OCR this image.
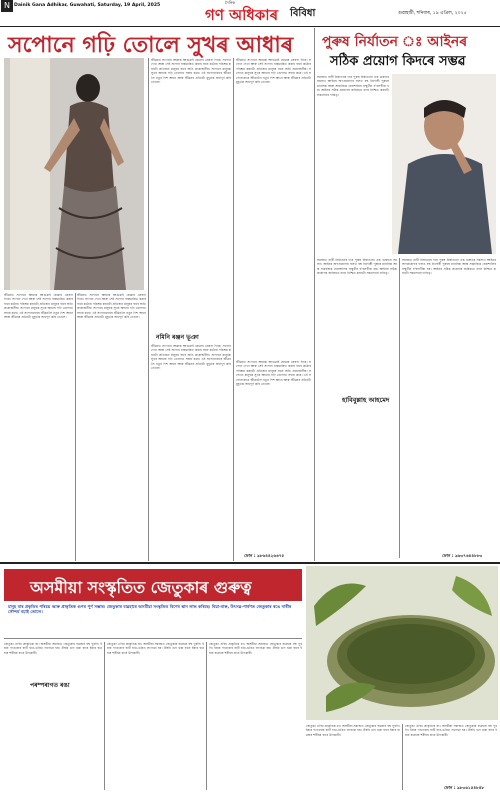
N Dainik Gana Adhikar, Guwahati, Saturday, 19 April, 2025
দৈনিক
গণ অধিকাৰ বিবিধা	গুৱাহাটী, শনিবাৰ, ১৯ এপ্ৰিল, ২০২৫
সপোনে গঢ়ি তোলে সুখৰ আধাৰ
জীৱনত সপোনে আমাক আগুৱাই যোৱাৰ প্ৰেৰণা দিয়ে। সপোন দেখা আৰু সেই সপোন বাস্তৱায়িত কৰাৰ বাবে কঠোৰ পৰিশ্ৰম কৰাটো প্ৰতিজন মানুহৰ বাবে অতি প্ৰয়োজনীয়। সপোনে মানুহক সুখৰ আধাৰ গঢ়ি তোলাত সহায় কৰে। এই সপোনবোৰে জীৱনলৈ নতুন দিশ আনে আৰু জীৱনৰ প্ৰতিটো মুহূৰ্তক অৰ্থপূৰ্ণ কৰি তোলে।
জীৱনত সপোনে আমাক আগুৱাই যোৱাৰ প্ৰেৰণা দিয়ে। সপোন দেখা আৰু সেই সপোন বাস্তৱায়িত কৰাৰ বাবে কঠোৰ পৰিশ্ৰম কৰাটো প্ৰতিজন মানুহৰ বাবে অতি প্ৰয়োজনীয়। সপোনে মানুহক সুখৰ আধাৰ গঢ়ি তোলাত সহায় কৰে। এই সপোনবোৰে জীৱনলৈ নতুন দিশ আনে আৰু জীৱনৰ প্ৰতিটো মুহূৰ্তক অৰ্থপূৰ্ণ কৰি তোলে।
জীৱনত সপোনে আমাক আগুৱাই যোৱাৰ প্ৰেৰণা দিয়ে। সপোন দেখা আৰু সেই সপোন বাস্তৱায়িত কৰাৰ বাবে কঠোৰ পৰিশ্ৰম কৰাটো প্ৰতিজন মানুহৰ বাবে অতি প্ৰয়োজনীয়। সপোনে মানুহক সুখৰ আধাৰ গঢ়ি তোলাত সহায় কৰে। এই সপোনবোৰে জীৱনলৈ নতুন দিশ আনে আৰু জীৱনৰ প্ৰতিটো মুহূৰ্তক অৰ্থপূৰ্ণ কৰি তোলে।
জীৱনত সপোনে আমাক আগুৱাই যোৱাৰ প্ৰেৰণা দিয়ে। সপোন দেখা আৰু সেই সপোন বাস্তৱায়িত কৰাৰ বাবে কঠোৰ পৰিশ্ৰম কৰাটো প্ৰতিজন মানুহৰ বাবে অতি প্ৰয়োজনীয়। সপোনে মানুহক সুখৰ আধাৰ গঢ়ি তোলাত সহায় কৰে। এই সপোনবোৰে জীৱনলৈ নতুন দিশ আনে আৰু জীৱনৰ প্ৰতিটো মুহূৰ্তক অৰ্থপূৰ্ণ কৰি তোলে।
নমিনি ৰঞ্জন ভূঞা
জীৱনত সপোনে আমাক আগুৱাই যোৱাৰ প্ৰেৰণা দিয়ে। সপোন দেখা আৰু সেই সপোন বাস্তৱায়িত কৰাৰ বাবে কঠোৰ পৰিশ্ৰম কৰাটো প্ৰতিজন মানুহৰ বাবে অতি প্ৰয়োজনীয়। সপোনে মানুহক সুখৰ আধাৰ গঢ়ি তোলাত সহায় কৰে। এই সপোনবোৰে জীৱনলৈ নতুন দিশ আনে আৰু জীৱনৰ প্ৰতিটো মুহূৰ্তক অৰ্থপূৰ্ণ কৰি তোলে।
জীৱনত সপোনে আমাক আগুৱাই যোৱাৰ প্ৰেৰণা দিয়ে। সপোন দেখা আৰু সেই সপোন বাস্তৱায়িত কৰাৰ বাবে কঠোৰ পৰিশ্ৰম কৰাটো প্ৰতিজন মানুহৰ বাবে অতি প্ৰয়োজনীয়। সপোনে মানুহক সুখৰ আধাৰ গঢ়ি তোলাত সহায় কৰে। এই সপোনবোৰে জীৱনলৈ নতুন দিশ আনে আৰু জীৱনৰ প্ৰতিটো মুহূৰ্তক অৰ্থপূৰ্ণ কৰি তোলে।
ফোন : ৯৮৬৪৪২৬৬৭৫
পুৰুষ নিৰ্যাতন ঃ আইনৰ
সঠিক প্ৰয়োগ কিদৰে সম্ভৱ
সমাজত নাৰী নিৰ্যাতনৰ দৰে পুৰুষ নিৰ্যাতনো এক গুৰুতৰ সমস্যা। আইনৰ অপপ্ৰয়োগৰ ফলত বহু নিৰ্দোষী পুৰুষে মানসিক আৰু সামাজিক হেৰাশালিৰ সন্মুখীন হ'বলগীয়া হয়। আইনৰ সঠিক প্ৰয়োগৰ জৰিয়তে ন্যায় নিশ্চিত কৰাটো সকলোৰে দায়িত্ব।
সমাজত নাৰী নিৰ্যাতনৰ দৰে পুৰুষ নিৰ্যাতনো এক গুৰুতৰ সমস্যা। আইনৰ অপপ্ৰয়োগৰ ফলত বহু নিৰ্দোষী পুৰুষে মানসিক আৰু সামাজিক হেৰাশালিৰ সন্মুখীন হ'বলগীয়া হয়। আইনৰ সঠিক প্ৰয়োগৰ জৰিয়তে ন্যায় নিশ্চিত কৰাটো সকলোৰে দায়িত্ব।
সমাজত নাৰী নিৰ্যাতনৰ দৰে পুৰুষ নিৰ্যাতনো এক গুৰুতৰ সমস্যা। আইনৰ অপপ্ৰয়োগৰ ফলত বহু নিৰ্দোষী পুৰুষে মানসিক আৰু সামাজিক হেৰাশালিৰ সন্মুখীন হ'বলগীয়া হয়। আইনৰ সঠিক প্ৰয়োগৰ জৰিয়তে ন্যায় নিশ্চিত কৰাটো সকলোৰে দায়িত্ব।
হাবিবুল্লাহ আহমেদ
ফোন : ৯৬৩৭৬৪৪৮৮৩
অসমীয়া সংস্কৃতিত জেতুকাৰ গুৰুত্ব
মানুহ বাৰ প্ৰকৃতিৰ পৰিচয় আৰু প্ৰাকৃতিক গুণৰ পূৰ্ণ সম্ভাৰ। জেতুকাৰ ব্যৱহাৰে অসমীয়া সংস্কৃতিত বিশেষ স্থান লাভ কৰিছে। বিয়া-বাৰু, উৎসৱ-পাৰ্বণত জেতুকাৰ ৰঙে নাৰীৰ সৌন্দৰ্য বঢ়াই তোলে।
জেতুকা এবিধ প্ৰাকৃতিক ৰং। অসমীয়া সমাজত জেতুকাৰ ব্যৱহাৰ বহু পুৰণি। ইয়াৰ পাতবোৰ বাটি হাত-ভৰিত লগোৱা হয়। ঔষধি গুণ থকা বাবে ইয়াৰ ব্যৱহাৰ শৰীৰৰ বাবে উপকাৰী।
পৰম্পৰাগত ৰঙা
জেতুকা এবিধ প্ৰাকৃতিক ৰং। অসমীয়া সমাজত জেতুকাৰ ব্যৱহাৰ বহু পুৰণি। ইয়াৰ পাতবোৰ বাটি হাত-ভৰিত লগোৱা হয়। ঔষধি গুণ থকা বাবে ইয়াৰ ব্যৱহাৰ শৰীৰৰ বাবে উপকাৰী।
জেতুকা এবিধ প্ৰাকৃতিক ৰং। অসমীয়া সমাজত জেতুকাৰ ব্যৱহাৰ বহু পুৰণি। ইয়াৰ পাতবোৰ বাটি হাত-ভৰিত লগোৱা হয়। ঔষধি গুণ থকা বাবে ইয়াৰ ব্যৱহাৰ শৰীৰৰ বাবে উপকাৰী।
জেতুকা এবিধ প্ৰাকৃতিক ৰং। অসমীয়া সমাজত জেতুকাৰ ব্যৱহাৰ বহু পুৰণি। ইয়াৰ পাতবোৰ বাটি হাত-ভৰিত লগোৱা হয়। ঔষধি গুণ থকা বাবে ইয়াৰ ব্যৱহাৰ শৰীৰৰ বাবে উপকাৰী।
জেতুকা এবিধ প্ৰাকৃতিক ৰং। অসমীয়া সমাজত জেতুকাৰ ব্যৱহাৰ বহু পুৰণি। ইয়াৰ পাতবোৰ বাটি হাত-ভৰিত লগোৱা হয়। ঔষধি গুণ থকা বাবে ইয়াৰ ব্যৱহাৰ শৰীৰৰ বাবে উপকাৰী।
ফোন : ৯৮৩৬১৫৪৮৪৮
